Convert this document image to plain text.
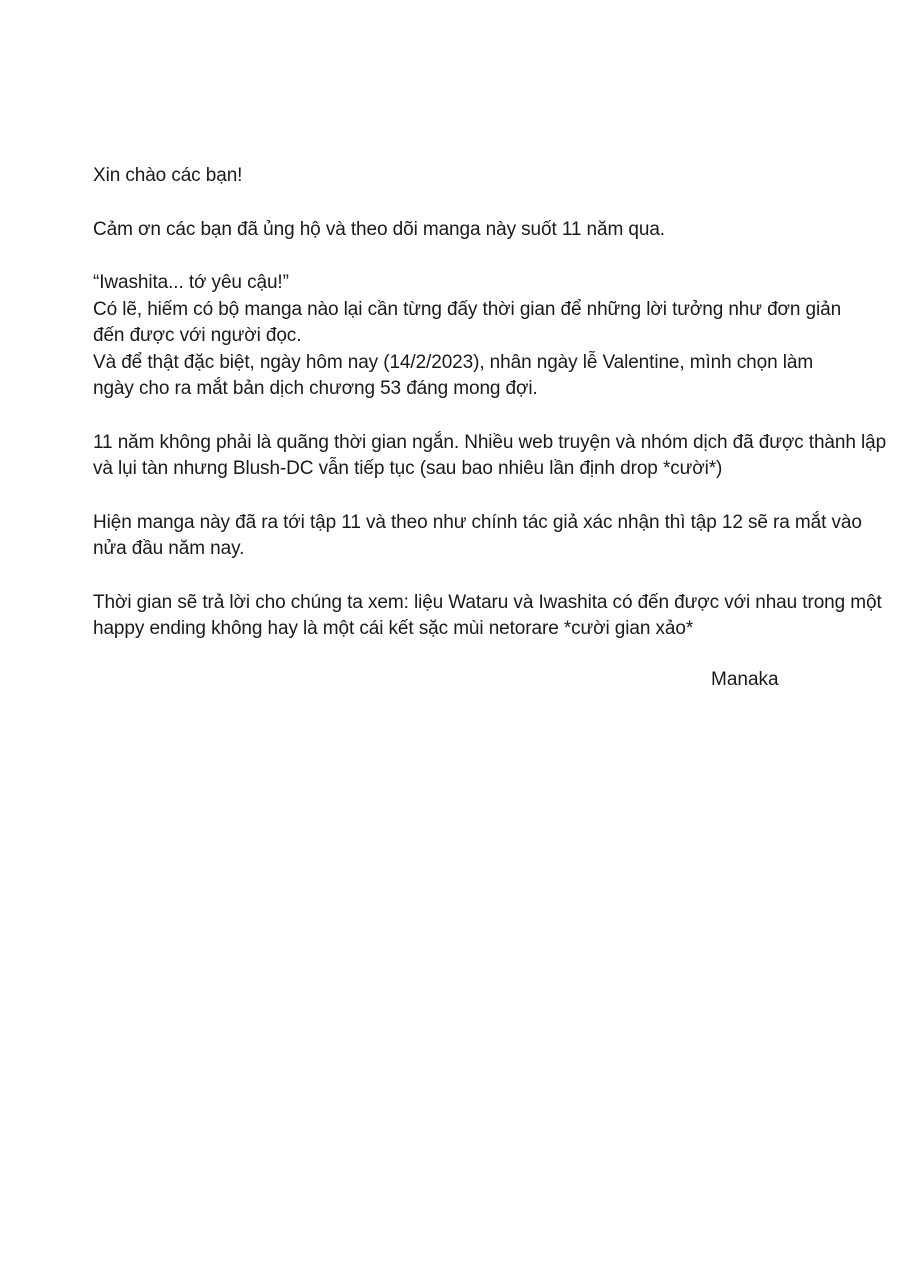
Xin chào các bạn!

Cảm ơn các bạn đã ủng hộ và theo dõi manga này suốt 11 năm qua.

“Iwashita... tớ yêu cậu!”
Có lẽ, hiếm có bộ manga nào lại cần từng đấy thời gian để những lời tưởng như đơn giản
đến được với người đọc.
Và để thật đặc biệt, ngày hôm nay (14/2/2023), nhân ngày lễ Valentine, mình chọn làm
ngày cho ra mắt bản dịch chương 53 đáng mong đợi.

11 năm không phải là quãng thời gian ngắn. Nhiều web truyện và nhóm dịch đã được thành lập
và lụi tàn nhưng Blush-DC vẫn tiếp tục (sau bao nhiêu lần định drop *cười*)

Hiện manga này đã ra tới tập 11 và theo như chính tác giả xác nhận thì tập 12 sẽ ra mắt vào
nửa đầu năm nay.

Thời gian sẽ trả lời cho chúng ta xem: liệu Wataru và Iwashita có đến được với nhau trong một
happy ending không hay là một cái kết sặc mùi netorare *cười gian xảo*

Manaka
